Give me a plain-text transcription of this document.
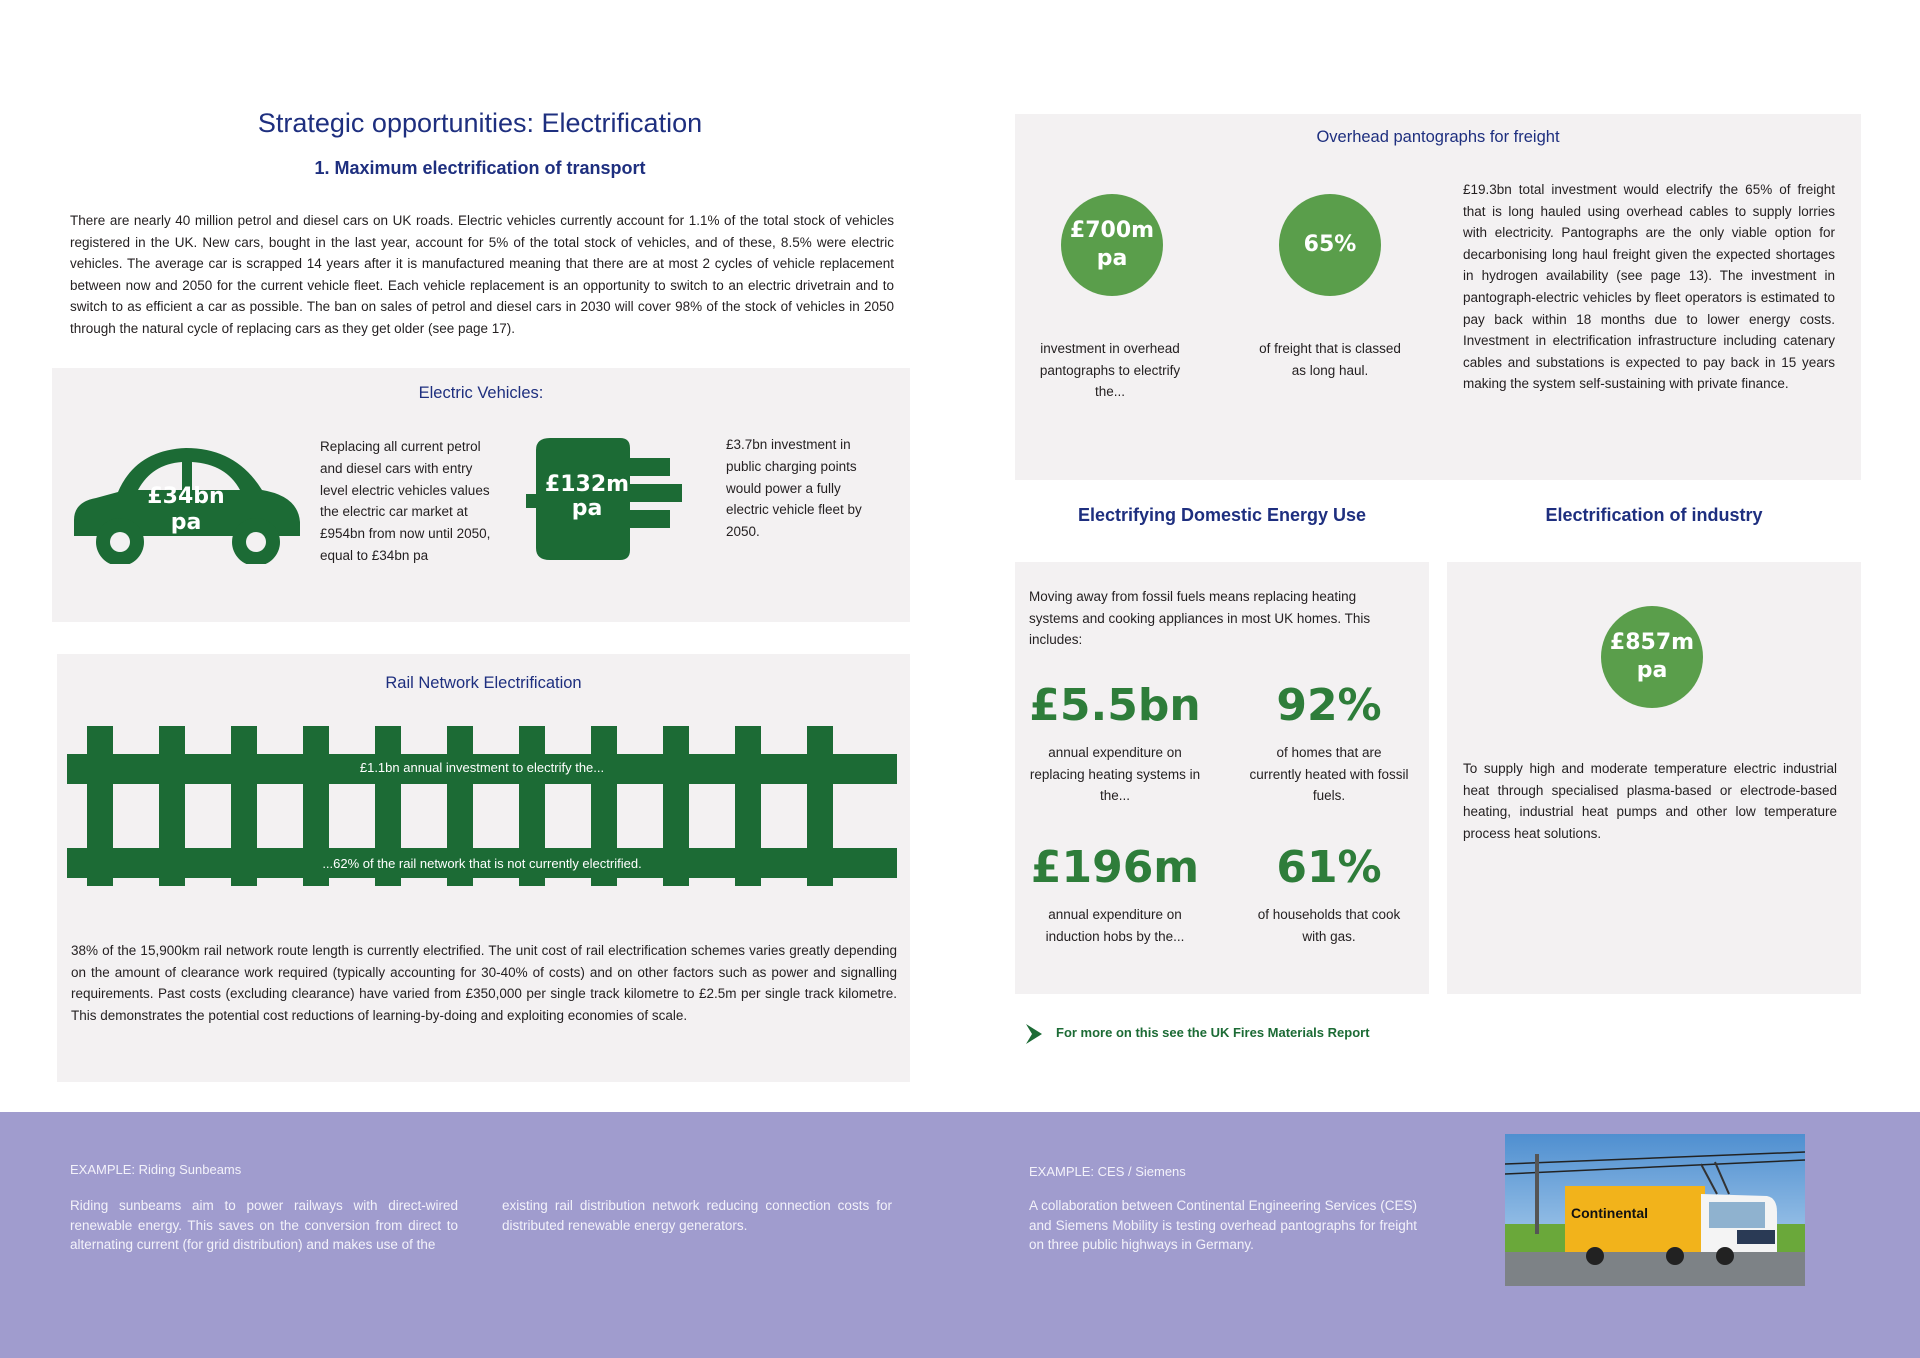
Strategic opportunities: Electrification
1. Maximum electrification of transport
There are nearly 40 million petrol and diesel cars on UK roads. Electric vehicles currently account for 1.1% of the total stock of vehicles registered in the UK. New cars, bought in the last year, account for 5% of the total stock of vehicles, and of these, 8.5% were electric vehicles. The average car is scrapped 14 years after it is manufactured meaning that there are at most 2 cycles of vehicle replacement between now and 2050 for the current vehicle fleet. Each vehicle replacement is an opportunity to switch to an electric drivetrain and to switch to as efficient a car as possible. The ban on sales of petrol and diesel cars in 2030 will cover 98% of the stock of vehicles in 2050 through the natural cycle of replacing cars as they get older (see page 17).
Electric Vehicles:
£34bn
pa
Replacing all current petrol and diesel cars with entry level electric vehicles values the electric car market at £954bn from now until 2050, equal to £34bn pa
£132m
pa
£3.7bn investment in public charging points would power a fully electric vehicle fleet by 2050.
Rail Network Electrification
£1.1bn annual investment to electrify the...
...62% of the rail network that is not currently electrified.
38% of the 15,900km rail network route length is currently electrified. The unit cost of rail electrification schemes varies greatly depending on the amount of clearance work required (typically accounting for 30-40% of costs) and on other factors such as power and signalling requirements. Past costs (excluding clearance) have varied from £350,000 per single track kilometre to £2.5m per single track kilometre. This demonstrates the potential cost reductions of learning-by-doing and exploiting economies of scale.
Overhead pantographs for freight
£700m pa
investment in overhead pantographs to electrify the...
65%
of freight that is classed as long haul.
£19.3bn total investment would electrify the 65% of freight that is long hauled using overhead cables to supply lorries with electricity. Pantographs are the only viable option for decarbonising long haul freight given the expected shortages in hydrogen availability (see page 13). The investment in pantograph-electric vehicles by fleet operators is estimated to pay back within 18 months due to lower energy costs. Investment in electrification infrastructure including catenary cables and substations is expected to pay back in 15 years making the system self-sustaining with private finance.
Electrifying Domestic Energy Use	Electrification of industry
Moving away from fossil fuels means replacing heating systems and cooking appliances in most UK homes. This includes:
£5.5bn
annual expenditure on replacing heating systems in the...
92%
of homes that are currently heated with fossil fuels.
£196m
annual expenditure on induction hobs by the...
61%
of households that cook with gas.
£857m pa
To supply high and moderate temperature electric industrial heat through specialised plasma-based or electrode-based heating, industrial heat pumps and other low temperature process heat solutions.
For more on this see the UK Fires Materials Report
EXAMPLE: Riding Sunbeams
Riding sunbeams aim to power railways with direct-wired renewable energy. This saves on the conversion from direct to alternating current (for grid distribution) and makes use of the
existing rail distribution network reducing connection costs for distributed renewable energy generators.
EXAMPLE: CES / Siemens
A collaboration between Continental Engineering Services (CES) and Siemens Mobility is testing overhead pantographs for freight on three public highways in Germany.
Continental
